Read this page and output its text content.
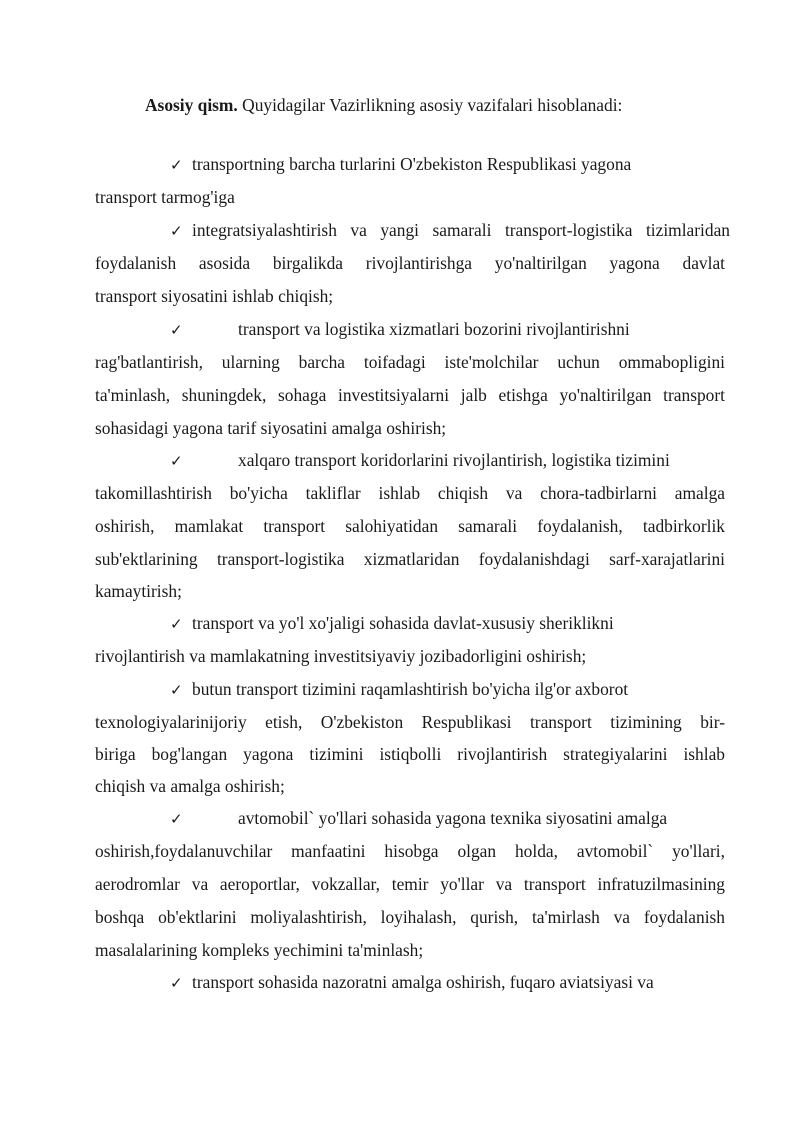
Asosiy qism. Quyidagilar Vazirlikning asosiy vazifalari hisoblanadi:
✓ transportning barcha turlarini O'zbekiston Respublikasi yagona
transport tarmog'iga
✓ integratsiyalashtirish va yangi samarali transport-logistika tizimlaridan
foydalanish asosida birgalikda rivojlantirishga yo'naltirilgan yagona davlat
transport siyosatini ishlab chiqish;
✓	transport va logistika xizmatlari bozorini rivojlantirishni
rag'batlantirish, ularning barcha toifadagi iste'molchilar uchun ommabopligini
ta'minlash, shuningdek, sohaga investitsiyalarni jalb etishga yo'naltirilgan transport
sohasidagi yagona tarif siyosatini amalga oshirish;
✓	xalqaro transport koridorlarini rivojlantirish, logistika tizimini
takomillashtirish bo'yicha takliflar ishlab chiqish va chora-tadbirlarni amalga
oshirish, mamlakat transport salohiyatidan samarali foydalanish, tadbirkorlik
sub'ektlarining transport-logistika xizmatlaridan foydalanishdagi sarf-xarajatlarini
kamaytirish;
✓ transport va yo'l xo'jaligi sohasida davlat-xususiy sheriklikni
rivojlantirish va mamlakatning investitsiyaviy jozibadorligini oshirish;
✓ butun transport tizimini raqamlashtirish bo'yicha ilg'or axborot
texnologiyalarinijoriy etish, O'zbekiston Respublikasi transport tizimining bir-
biriga bog'langan yagona tizimini istiqbolli rivojlantirish strategiyalarini ishlab
chiqish va amalga oshirish;
✓	avtomobil` yo'llari sohasida yagona texnika siyosatini amalga
oshirish,foydalanuvchilar manfaatini hisobga olgan holda, avtomobil` yo'llari,
aerodromlar va aeroportlar, vokzallar, temir yo'llar va transport infratuzilmasining
boshqa ob'ektlarini moliyalashtirish, loyihalash, qurish, ta'mirlash va foydalanish
masalalarining kompleks yechimini ta'minlash;
✓ transport sohasida nazoratni amalga oshirish, fuqaro aviatsiyasi va
